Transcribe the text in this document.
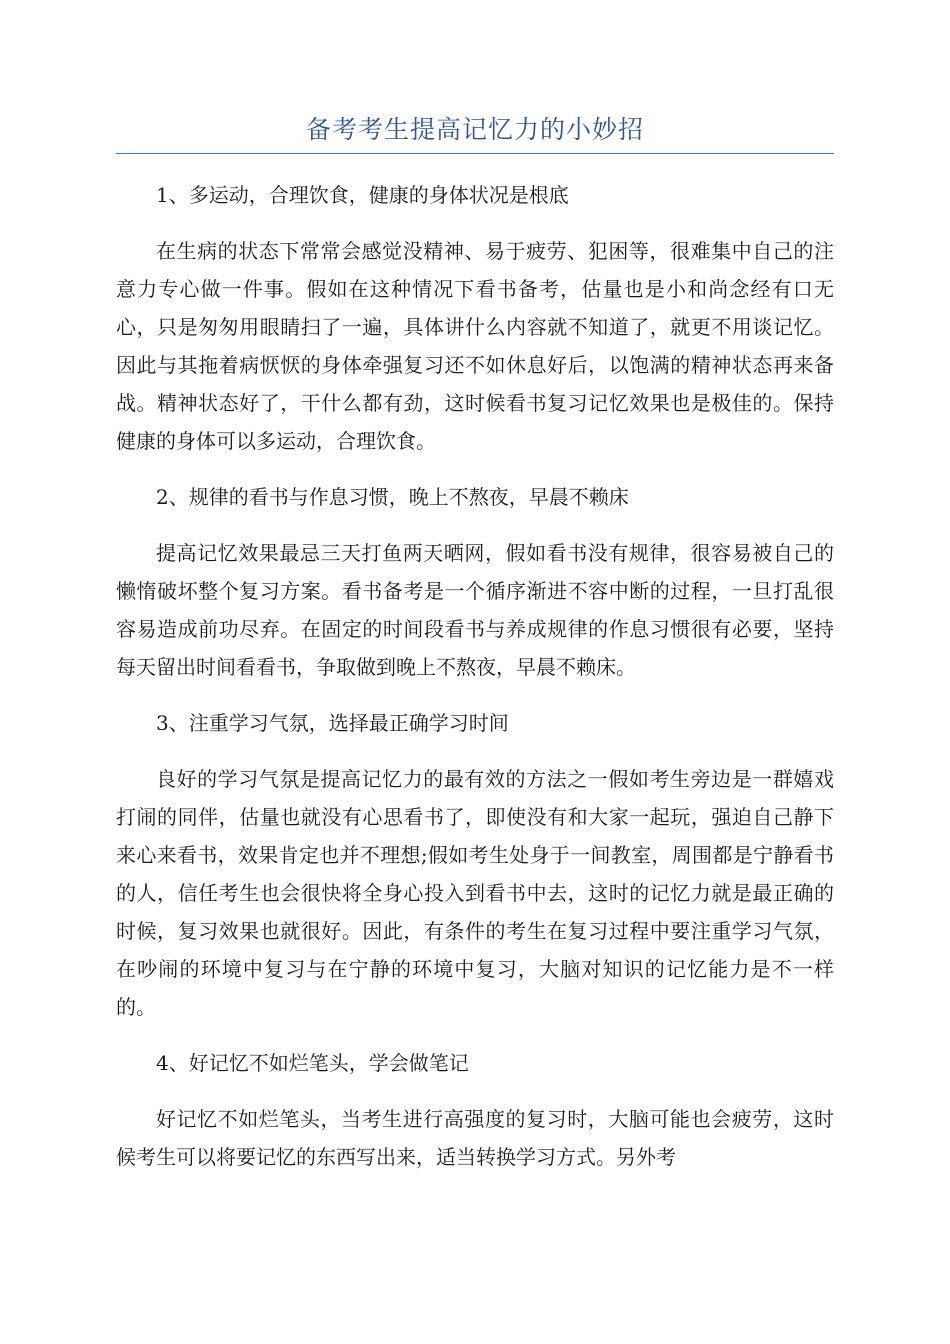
备考考生提高记忆力的小妙招

1、多运动，合理饮食，健康的身体状况是根底

在生病的状态下常常会感觉没精神、易于疲劳、犯困等，很难集中自己的注意力专心做一件事。假如在这种情况下看书备考，估量也是小和尚念经有口无心，只是匆匆用眼睛扫了一遍，具体讲什么内容就不知道了，就更不用谈记忆。因此与其拖着病恹恹的身体牵强复习还不如休息好后，以饱满的精神状态再来备战。精神状态好了，干什么都有劲，这时候看书复习记忆效果也是极佳的。保持健康的身体可以多运动，合理饮食。

2、规律的看书与作息习惯，晚上不熬夜，早晨不赖床

提高记忆效果最忌三天打鱼两天晒网，假如看书没有规律，很容易被自己的懒惰破坏整个复习方案。看书备考是一个循序渐进不容中断的过程，一旦打乱很容易造成前功尽弃。在固定的时间段看书与养成规律的作息习惯很有必要，坚持每天留出时间看看书，争取做到晚上不熬夜，早晨不赖床。

3、注重学习气氛，选择最正确学习时间

良好的学习气氛是提高记忆力的最有效的方法之一假如考生旁边是一群嬉戏打闹的同伴，估量也就没有心思看书了，即使没有和大家一起玩，强迫自己静下来心来看书，效果肯定也并不理想;假如考生处身于一间教室，周围都是宁静看书的人，信任考生也会很快将全身心投入到看书中去，这时的记忆力就是最正确的时候，复习效果也就很好。因此，有条件的考生在复习过程中要注重学习气氛，在吵闹的环境中复习与在宁静的环境中复习，大脑对知识的记忆能力是不一样的。

4、好记忆不如烂笔头，学会做笔记

好记忆不如烂笔头，当考生进行高强度的复习时，大脑可能也会疲劳，这时候考生可以将要记忆的东西写出来，适当转换学习方式。另外考
